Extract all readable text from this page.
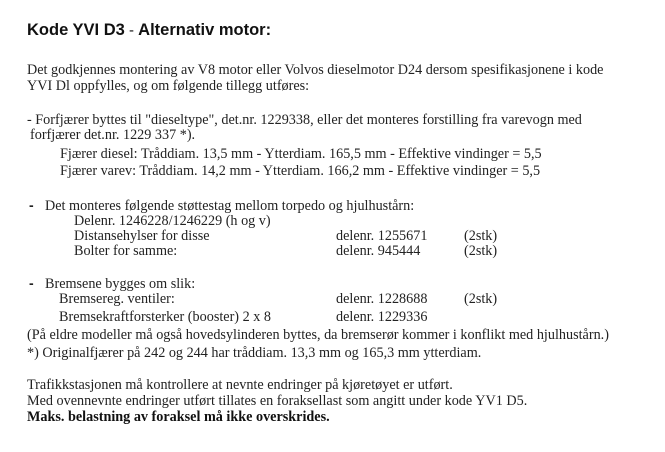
Kode YVI D3 - Alternativ motor:
Det godkjennes montering av V8 motor eller Volvos dieselmotor D24 dersom spesifikasjonene i kode
YVI Dl oppfylles, og om følgende tillegg utføres:
- Forfjærer byttes til "dieseltype", det.nr. 1229338, eller det monteres forstilling fra varevogn med
forfjærer det.nr. 1229 337 *).
Fjærer diesel: Tråddiam. 13,5 mm - Ytterdiam. 165,5 mm - Effektive vindinger = 5,5
Fjærer varev: Tråddiam. 14,2 mm - Ytterdiam. 166,2 mm - Effektive vindinger = 5,5
- Det monteres følgende støttestag mellom torpedo og hjulhustårn:
Delenr. 1246228/1246229 (h og v)
Distansehylser for disse	delenr. 1255671	(2stk)
Bolter for samme:	delenr. 945444	(2stk)
- Bremsene bygges om slik:
Bremsereg. ventiler:	delenr. 1228688	(2stk)
Bremsekraftforsterker (booster) 2 x 8	delenr. 1229336
(På eldre modeller må også hovedsylinderen byttes, da bremserør kommer i konflikt med hjulhustårn.)
*) Originalfjærer på 242 og 244 har tråddiam. 13,3 mm og 165,3 mm ytterdiam.
Trafikkstasjonen må kontrollere at nevnte endringer på kjøretøyet er utført.
Med ovennevnte endringer utført tillates en foraksellast som angitt under kode YV1 D5.
Maks. belastning av foraksel må ikke overskrides.
